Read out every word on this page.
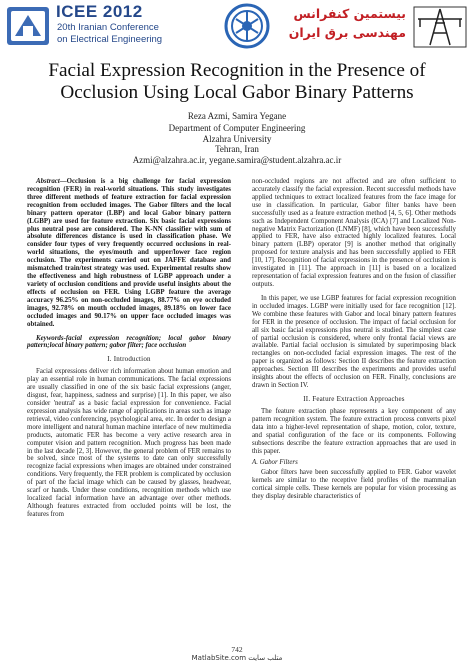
ICEE 2012
20th Iranian Conference
on Electrical Engineering
بیستمین کنفرانس
مهندسی برق ایران
Facial Expression Recognition in the Presence of
Occlusion Using Local Gabor Binary Patterns
Reza Azmi, Samira Yegane
Department of Computer Engineering
Alzahra University
Tehran, Iran
Azmi@alzahra.ac.ir, yegane.samira@student.alzahra.ac.ir
Abstract—Occlusion is a big challenge for facial expression recognition (FER) in real-world situations. This study investigates three different methods of feature extraction for facial expression recognition from occluded images. The Gabor filters and the local binary pattern operator (LBP) and local Gabor binary pattern (LGBP) are used for feature extraction. Six basic facial expressions plus neutral pose are considered. The K-NN classifier with sum of absolute differences distance is used in classification phase. We consider four types of very frequently occurred occlusions in real-world situations, the eyes/mouth and upper/lower face region occlusion. The experiments carried out on JAFFE database and mismatched train/test strategy was used. Experimental results show the effectiveness and high robustness of LGBP approach under a variety of occlusion conditions and provide useful insights about the effects of occlusion on FER. Using LGBP feature the average accuracy 96.25% on non-occluded images, 88.77% on eye occluded images, 92.78% on mouth occluded images, 89.18% on lower face occluded images and 90.17% on upper face occluded images was obtained.
Keywords-facial expression recognition; local gabor binary pattern;local binary pattern; gabor filter; face occlusion
I. Introduction
Facial expressions deliver rich information about human emotion and play an essential role in human communications. The facial expressions are usually classified in one of the six basic facial expressions (anger, disgust, fear, happiness, sadness and surprise) [1]. In this paper, we also consider 'neutral' as a basic facial expression for convenience. Facial expression analysis has wide range of applications in areas such as image retrieval, video conferencing, psychological area, etc. In order to design a more intelligent and natural human machine interface of new multimedia products, automatic FER has become a very active research area in computer vision and pattern recognition. Much progress has been made in the last decade [2, 3]. However, the general problem of FER remains to be solved, since most of the systems to date can only successfully recognize facial expressions when images are obtained under constrained conditions. Very frequently, the FER problem is complicated by occlusion of part of the facial image which can be caused by glasses, headwear, scarf or hands. Under these conditions, recognition methods which use localized facial information have an advantage over other methods. Although features extracted from occluded points will be lost, the features from
non-occluded regions are not affected and are often sufficient to accurately classify the facial expression. Recent successful methods have applied techniques to extract localized features from the face image for use in classification. In particular, Gabor filter banks have been successfully used as a feature extraction method [4, 5, 6]. Other methods such as Independent Component Analysis (ICA) [7] and Localized Non-negative Matrix Factorization (LNMF) [8], which have been successfully applied to FER, have also extracted highly localized features. Local binary pattern (LBP) operator [9] is another method that originally proposed for texture analysis and has been successfully applied to FER [10, 17]. Recognition of facial expressions in the presence of occlusion is investigated in [11]. The approach in [11] is based on a localized representation of facial expression features and on the fusion of classifier outputs.
In this paper, we use LGBP features for facial expression recognition in occluded images. LGBP were initially used for face recognition [12]. We combine these features with Gabor and local binary pattern features for FER in the presence of occlusion. The impact of facial occlusion for all six basic facial expressions plus neutral is studied. The simplest case of partial occlusion is considered, where only frontal facial views are available. Partial facial occlusion is simulated by superimposing black rectangles on non-occluded facial expression images. The rest of the paper is organized as follows: Section II describes the feature extraction approaches. Section III describes the experiments and provides useful insights about the effects of occlusion on FER. Finally, conclusions are drawn in Section IV.
II. Feature Extraction Approaches
The feature extraction phase represents a key component of any pattern recognition system. The feature extraction process converts pixel data into a higher-level representation of shape, motion, color, texture, and spatial configuration of the face or its components. Following subsections describe the feature extraction approaches that are used in this paper.
A. Gabor Filters
Gabor filters have been successfully applied to FER. Gabor wavelet kernels are similar to the receptive field profiles of the mammalian cortical simple cells. These kernels are popular for vision processing as they display desirable characteristics of
742
MatlabSite.com متلب سایت
